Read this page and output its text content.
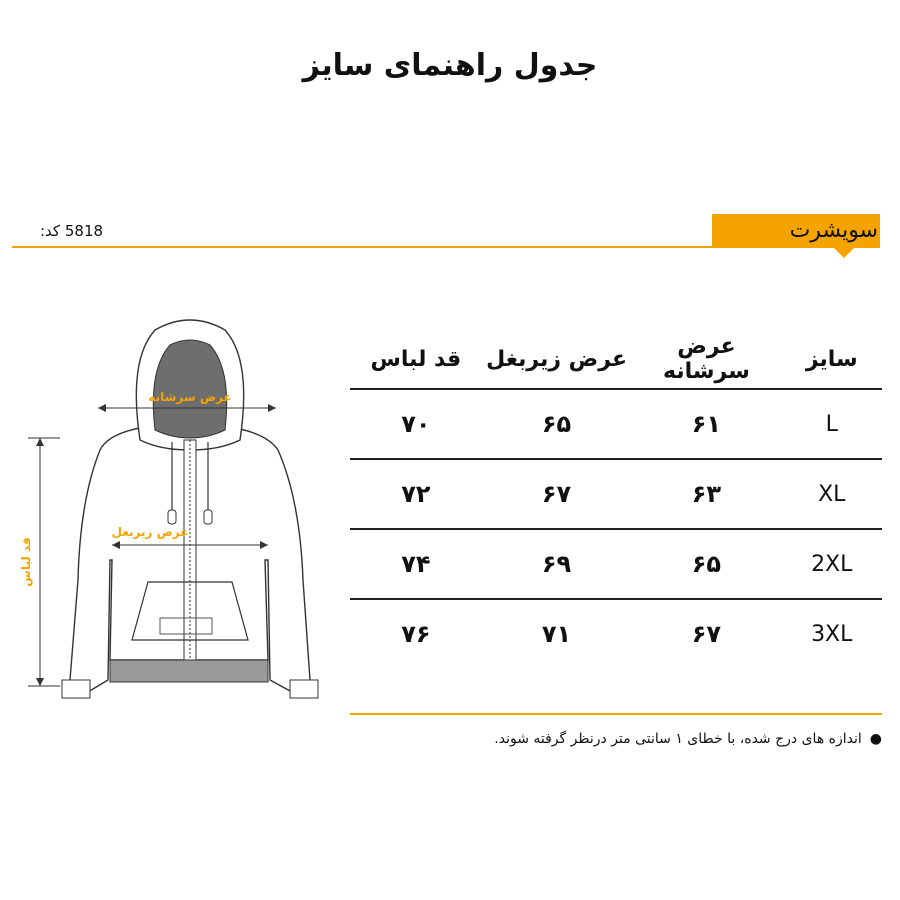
جدول راهنمای سایز
سویشرت
کد: 5818
عرض سرشانه
عرض زیربغل
قد لباس
سایز	عرض سرشانه	عرض زیربغل	قد لباس
L	۶۱	۶۵	۷۰
XL	۶۳	۶۷	۷۲
2XL	۶۵	۶۹	۷۴
3XL	۶۷	۷۱	۷۶
●اندازه های درج شده، با خطای ۱ سانتی متر درنظر گرفته شوند.
